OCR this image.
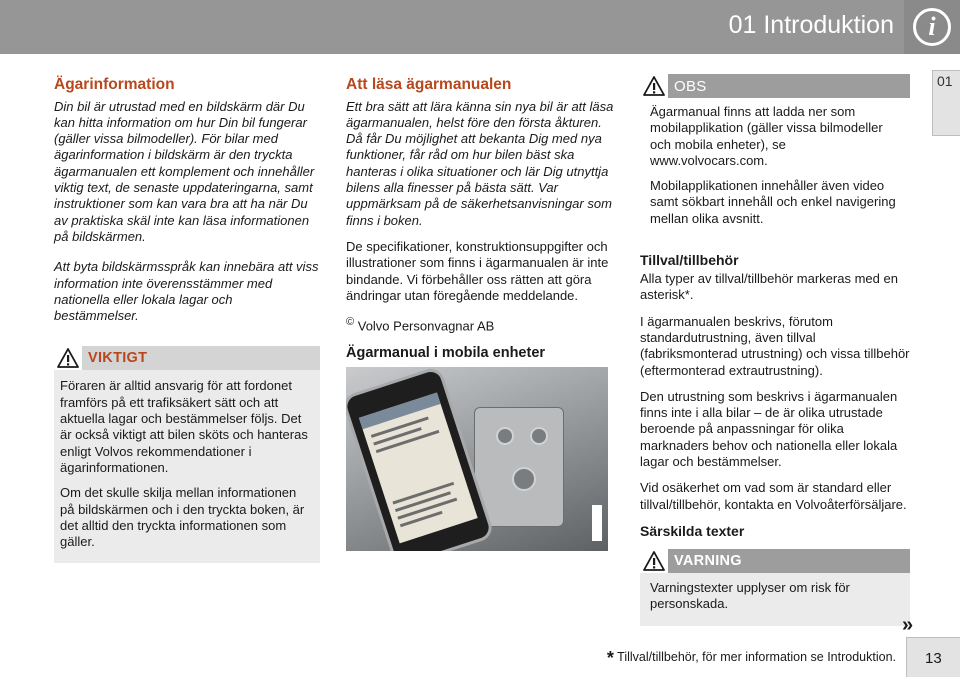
01 Introduktion	i
01
Ägarinformation

Din bil är utrustad med en bildskärm där Du kan hitta information om hur Din bil fungerar (gäller vissa bilmodeller). För bilar med ägarinformation i bildskärm är den tryckta ägarmanualen ett komplement och innehåller viktig text, de senaste uppdateringarna, samt instruktioner som kan vara bra att ha när Du av praktiska skäl inte kan läsa informationen på bildskärmen.

Att byta bildskärmsspråk kan innebära att viss information inte överensstämmer med nationella eller lokala lagar och bestämmelser.

VIKTIGT

Föraren är alltid ansvarig för att fordonet framförs på ett trafiksäkert sätt och att aktuella lagar och bestämmelser följs. Det är också viktigt att bilen sköts och hanteras enligt Volvos rekommendationer i ägarinformationen.

Om det skulle skilja mellan informationen på bildskärmen och i den tryckta boken, är det alltid den tryckta informationen som gäller.

Att läsa ägarmanualen

Ett bra sätt att lära känna sin nya bil är att läsa ägarmanualen, helst före den första åkturen. Då får Du möjlighet att bekanta Dig med nya funktioner, får råd om hur bilen bäst ska hanteras i olika situationer och lär Dig utnyttja bilens alla finesser på bästa sätt. Var uppmärksam på de säkerhetsanvisningar som finns i boken.

De specifikationer, konstruktionsuppgifter och illustrationer som finns i ägarmanualen är inte bindande. Vi förbehåller oss rätten att göra ändringar utan föregående meddelande.

© Volvo Personvagnar AB

Ägarmanual i mobila enheter
OBS

Ägarmanual finns att ladda ner som mobilapplikation (gäller vissa bilmodeller och mobila enheter), se www.volvocars.com.

Mobilapplikationen innehåller även video samt sökbart innehåll och enkel navigering mellan olika avsnitt.

Tillval/tillbehör

Alla typer av tillval/tillbehör markeras med en asterisk*.

I ägarmanualen beskrivs, förutom standardutrustning, även tillval (fabriksmonterad utrustning) och vissa tillbehör (eftermonterad extrautrustning).

Den utrustning som beskrivs i ägarmanualen finns inte i alla bilar – de är olika utrustade beroende på anpassningar för olika marknaders behov och nationella eller lokala lagar och bestämmelser.

Vid osäkerhet om vad som är standard eller tillval/tillbehör, kontakta en Volvoåterförsäljare.

Särskilda texter
VARNING

Varningstexter upplyser om risk för personskada.

»
* Tillval/tillbehör, för mer information se Introduktion. 13
